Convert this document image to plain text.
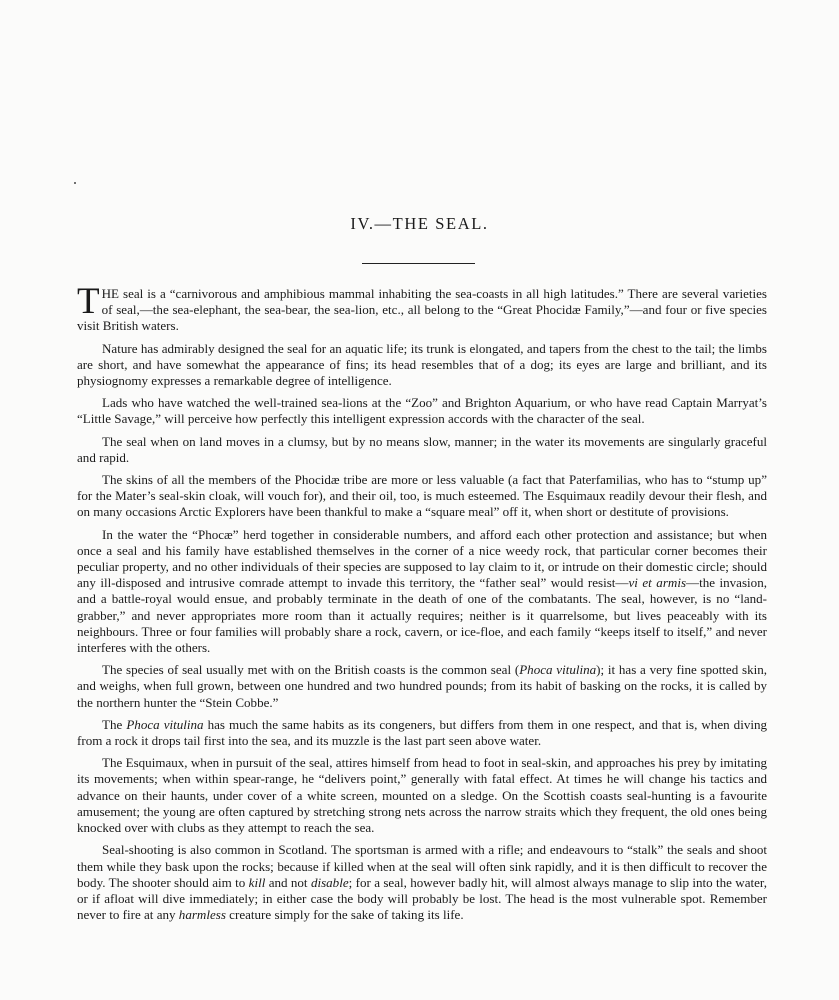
IV.—THE SEAL.

THE seal is a “carnivorous and amphibious mammal inhabiting the sea-coasts in all high latitudes.” There are several varieties of seal,—the sea-elephant, the sea-bear, the sea-lion, etc., all belong to the “Great Phocidæ Family,”—and four or five species visit British waters.

Nature has admirably designed the seal for an aquatic life; its trunk is elongated, and tapers from the chest to the tail; the limbs are short, and have somewhat the appearance of fins; its head resembles that of a dog; its eyes are large and brilliant, and its physiognomy expresses a remarkable degree of intelligence.

Lads who have watched the well-trained sea-lions at the “Zoo” and Brighton Aquarium, or who have read Captain Marryat’s “Little Savage,” will perceive how perfectly this intelligent expression accords with the character of the seal.

The seal when on land moves in a clumsy, but by no means slow, manner; in the water its movements are singularly graceful and rapid.

The skins of all the members of the Phocidæ tribe are more or less valuable (a fact that Paterfamilias, who has to “stump up” for the Mater’s seal-skin cloak, will vouch for), and their oil, too, is much esteemed. The Esquimaux readily devour their flesh, and on many occasions Arctic Explorers have been thankful to make a “square meal” off it, when short or destitute of provisions.

In the water the “Phocæ” herd together in considerable numbers, and afford each other protection and assistance; but when once a seal and his family have established themselves in the corner of a nice weedy rock, that particular corner becomes their peculiar property, and no other individuals of their species are supposed to lay claim to it, or intrude on their domestic circle; should any ill-disposed and intrusive comrade attempt to invade this territory, the “father seal” would resist—vi et armis—the invasion, and a battle-royal would ensue, and probably terminate in the death of one of the combatants. The seal, however, is no “land-grabber,” and never appropriates more room than it actually requires; neither is it quarrelsome, but lives peaceably with its neighbours. Three or four families will probably share a rock, cavern, or ice-floe, and each family “keeps itself to itself,” and never interferes with the others.

The species of seal usually met with on the British coasts is the common seal (Phoca vitulina); it has a very fine spotted skin, and weighs, when full grown, between one hundred and two hundred pounds; from its habit of basking on the rocks, it is called by the northern hunter the “Stein Cobbe.”

The Phoca vitulina has much the same habits as its congeners, but differs from them in one respect, and that is, when diving from a rock it drops tail first into the sea, and its muzzle is the last part seen above water.

The Esquimaux, when in pursuit of the seal, attires himself from head to foot in seal-skin, and approaches his prey by imitating its movements; when within spear-range, he “delivers point,” generally with fatal effect. At times he will change his tactics and advance on their haunts, under cover of a white screen, mounted on a sledge. On the Scottish coasts seal-hunting is a favourite amusement; the young are often captured by stretching strong nets across the narrow straits which they frequent, the old ones being knocked over with clubs as they attempt to reach the sea.

Seal-shooting is also common in Scotland. The sportsman is armed with a rifle; and endeavours to “stalk” the seals and shoot them while they bask upon the rocks; because if killed when at the seal will often sink rapidly, and it is then difficult to recover the body. The shooter should aim to kill and not disable; for a seal, however badly hit, will almost always manage to slip into the water, or if afloat will dive immediately; in either case the body will probably be lost. The head is the most vulnerable spot. Remember never to fire at any harmless creature simply for the sake of taking its life.
